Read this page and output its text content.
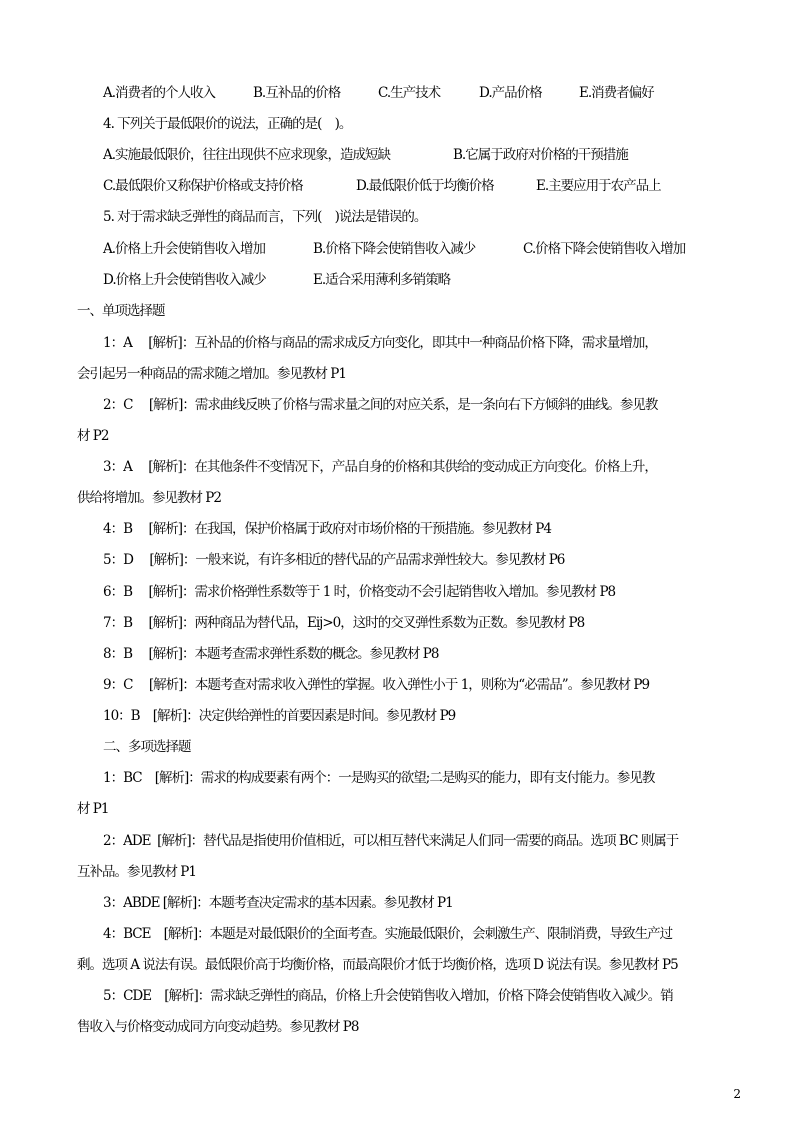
A.消费者的个人收入	B.互补品的价格	C.生产技术	D.产品价格	E.消费者偏好
4. 下列关于最低限价的说法，正确的是(    )。
A.实施最低限价，往往出现供不应求现象，造成短缺	B.它属于政府对价格的干预措施
C.最低限价又称保护价格或支持价格	D.最低限价低于均衡价格	E.主要应用于农产品上
5. 对于需求缺乏弹性的商品而言，下列(    )说法是错误的。
A.价格上升会使销售收入增加	B.价格下降会使销售收入减少	C.价格下降会使销售收入增加
D.价格上升会使销售收入减少	E.适合采用薄利多销策略
一、单项选择题
1：A     [解析]：互补品的价格与商品的需求成反方向变化，即其中一种商品价格下降，需求量增加，
会引起另一种商品的需求随之增加。参见教材 P1
2：C     [解析]：需求曲线反映了价格与需求量之间的对应关系，是一条向右下方倾斜的曲线。参见教
材 P2
3：A     [解析]：在其他条件不变情况下，产品自身的价格和其供给的变动成正方向变化。价格上升，
供给将增加。参见教材 P2
4：B     [解析]：在我国，保护价格属于政府对市场价格的干预措施。参见教材 P4
5：D     [解析]：一般来说，有许多相近的替代品的产品需求弹性较大。参见教材 P6
6：B     [解析]：需求价格弹性系数等于 1 时，价格变动不会引起销售收入增加。参见教材 P8
7：B     [解析]：两种商品为替代品，Eij>0，这时的交叉弹性系数为正数。参见教材 P8
8：B     [解析]：本题考查需求弹性系数的概念。参见教材 P8
9：C     [解析]：本题考查对需求收入弹性的掌握。收入弹性小于 1，则称为“必需品”。参见教材 P9
10：B    [解析]：决定供给弹性的首要因素是时间。参见教材 P9
二、多项选择题
1：BC    [解析]：需求的构成要素有两个：一是购买的欲望;二是购买的能力，即有支付能力。参见教
材 P1
2：ADE  [解析]：替代品是指使用价值相近，可以相互替代来满足人们同一需要的商品。选项 BC 则属于
互补品。参见教材 P1
3：ABDE [解析]：本题考查决定需求的基本因素。参见教材 P1
4：BCE    [解析]：本题是对最低限价的全面考查。实施最低限价，会刺激生产、限制消费，导致生产过
剩。选项 A 说法有误。最低限价高于均衡价格，而最高限价才低于均衡价格，选项 D 说法有误。参见教材 P5
5：CDE    [解析]：需求缺乏弹性的商品，价格上升会使销售收入增加，价格下降会使销售收入减少。销
售收入与价格变动成同方向变动趋势。参见教材 P8
2
